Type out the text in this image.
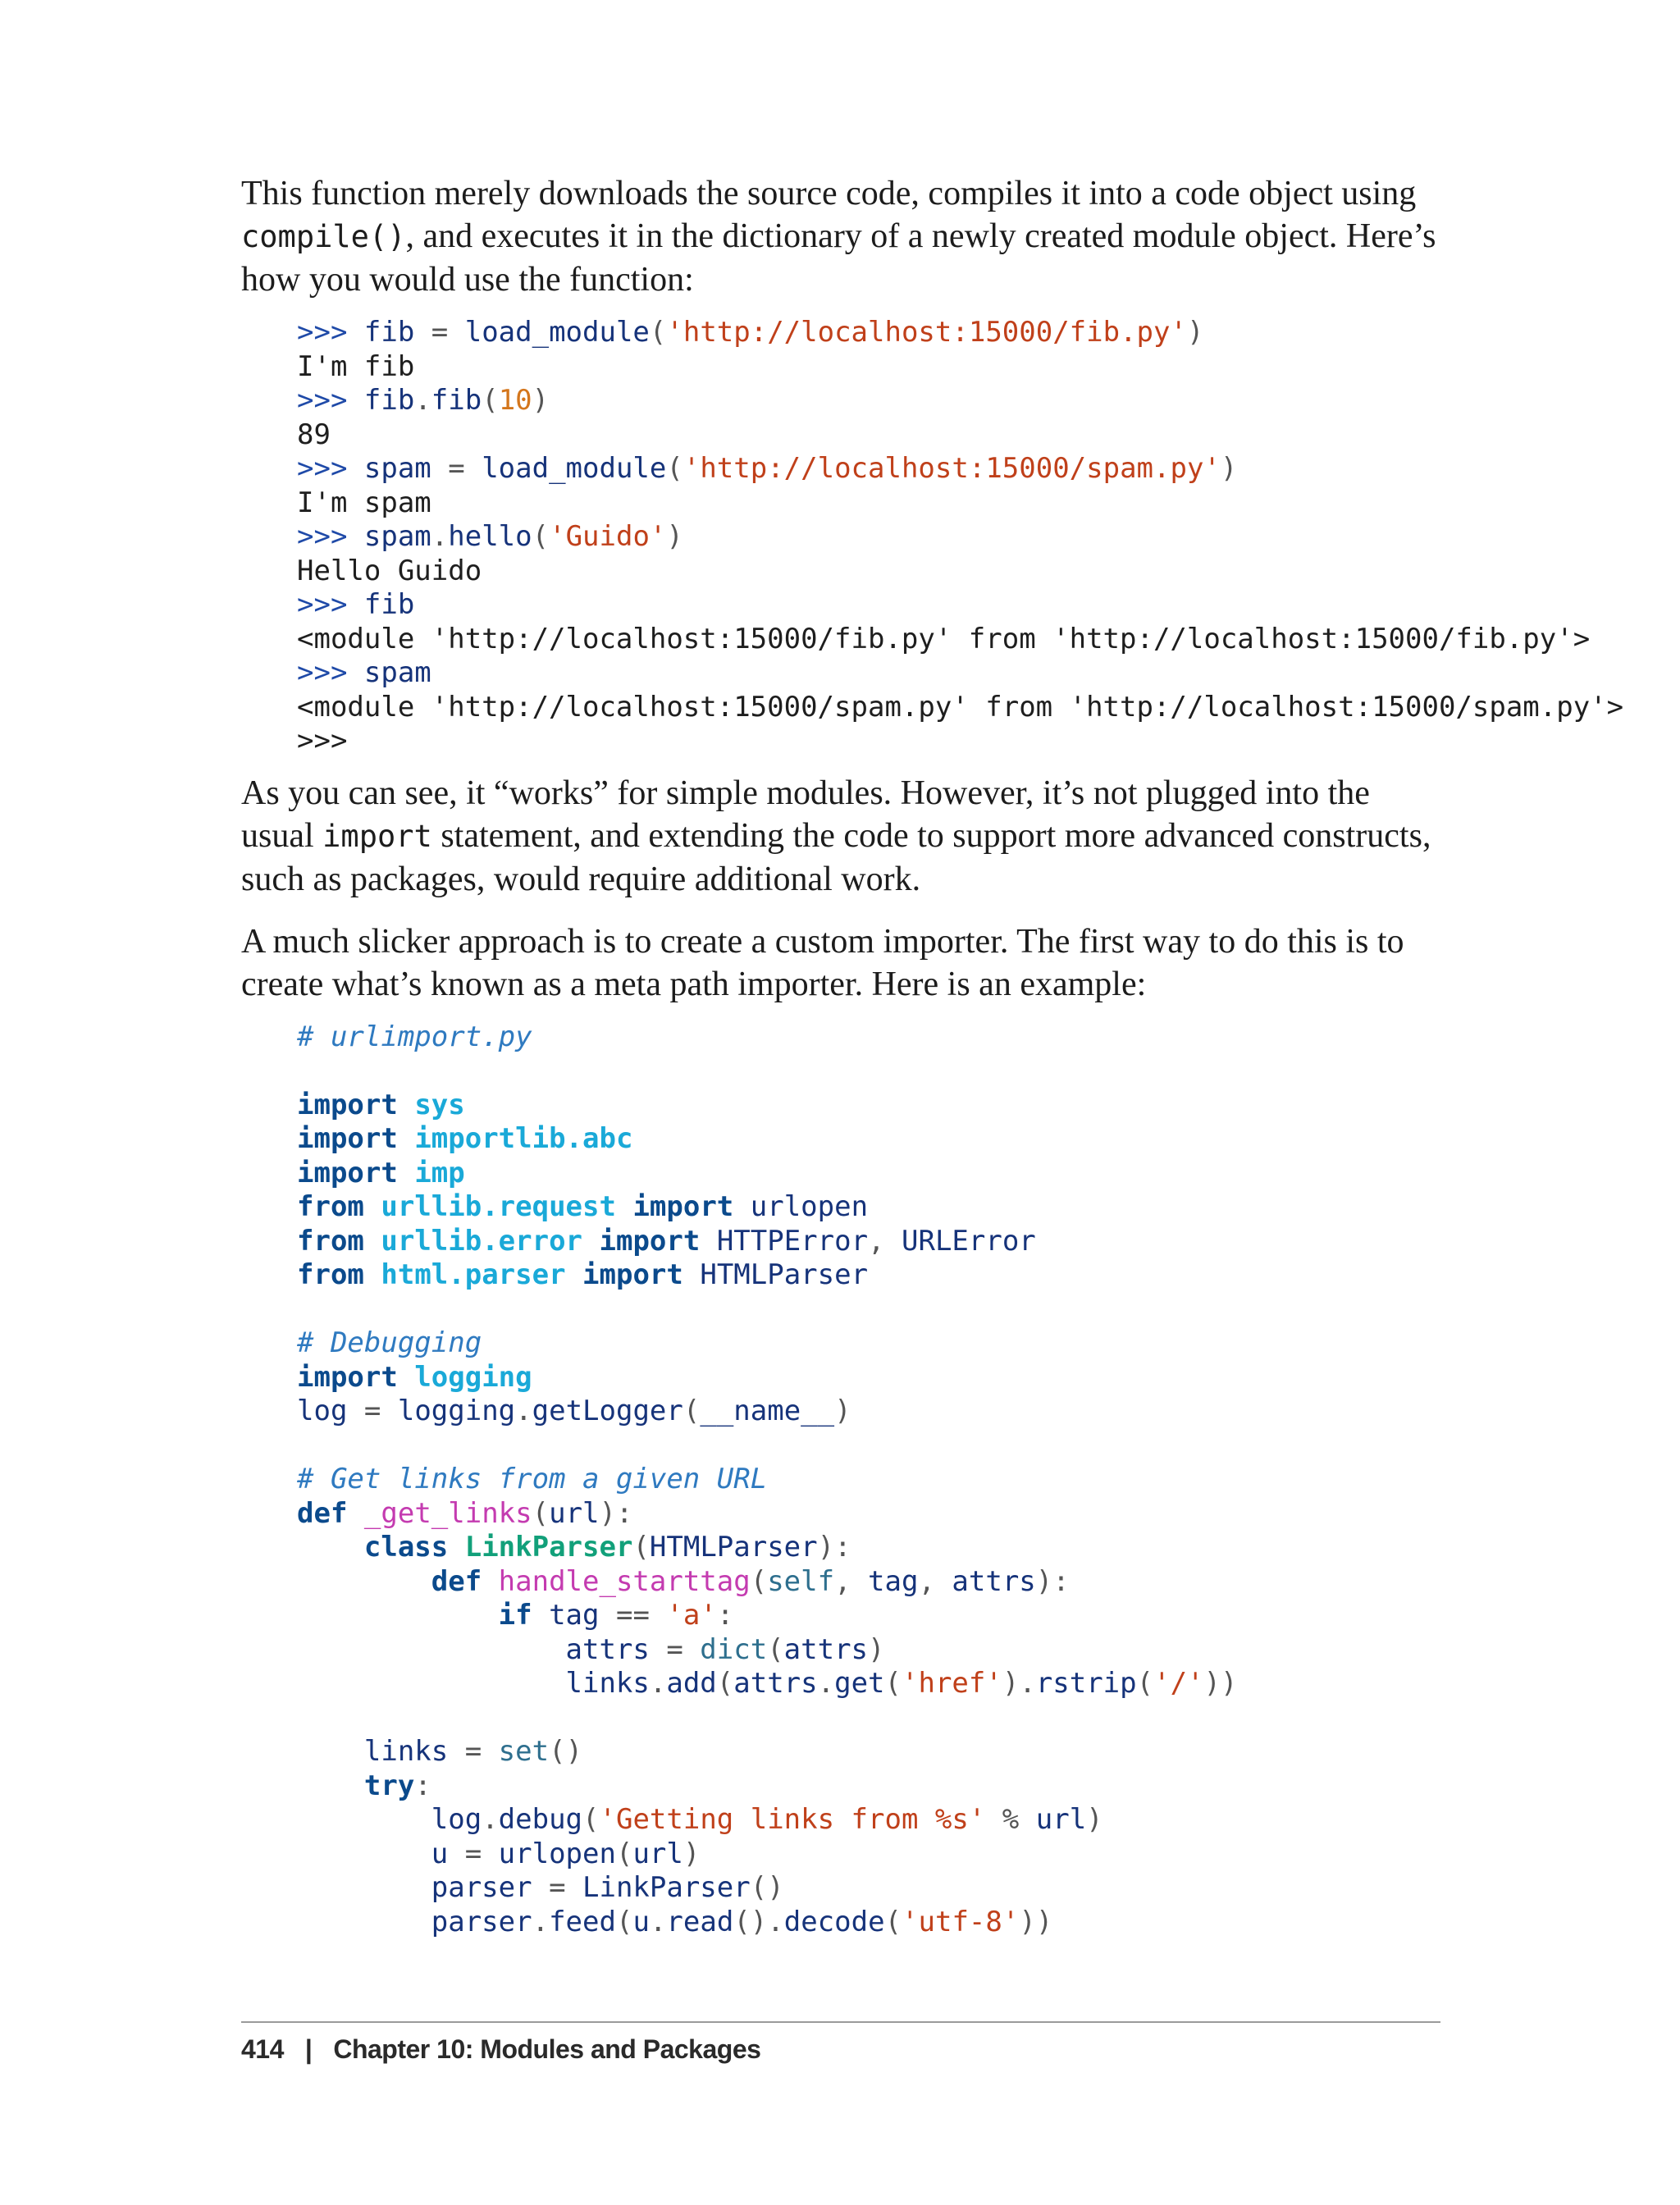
This function merely downloads the source code, compiles it into a code object using compile(), and executes it in the dictionary of a newly created module object. Here’s how you would use the function:

>>> fib = load_module('http://localhost:15000/fib.py')
I'm fib
>>> fib.fib(10)
89
>>> spam = load_module('http://localhost:15000/spam.py')
I'm spam
>>> spam.hello('Guido')
Hello Guido
>>> fib
<module 'http://localhost:15000/fib.py' from 'http://localhost:15000/fib.py'>
>>> spam
<module 'http://localhost:15000/spam.py' from 'http://localhost:15000/spam.py'>
>>>

As you can see, it “works” for simple modules. However, it’s not plugged into the usual import statement, and extending the code to support more advanced constructs, such as packages, would require additional work.

A much slicker approach is to create a custom importer. The first way to do this is to create what’s known as a meta path importer. Here is an example:

# urlimport.py
import sys
import importlib.abc
import imp
from urllib.request import urlopen
from urllib.error import HTTPError, URLError
from html.parser import HTMLParser
# Debugging
import logging
log = logging.getLogger(__name__)
# Get links from a given URL
def _get_links(url):
class LinkParser(HTMLParser):
def handle_starttag(self, tag, attrs):
if tag == 'a':
attrs = dict(attrs)
links.add(attrs.get('href').rstrip('/'))
links = set()
try:
log.debug('Getting links from %s' % url)
u = urlopen(url)
parser = LinkParser()
parser.feed(u.read().decode('utf-8'))
414 | Chapter 10: Modules and Packages
